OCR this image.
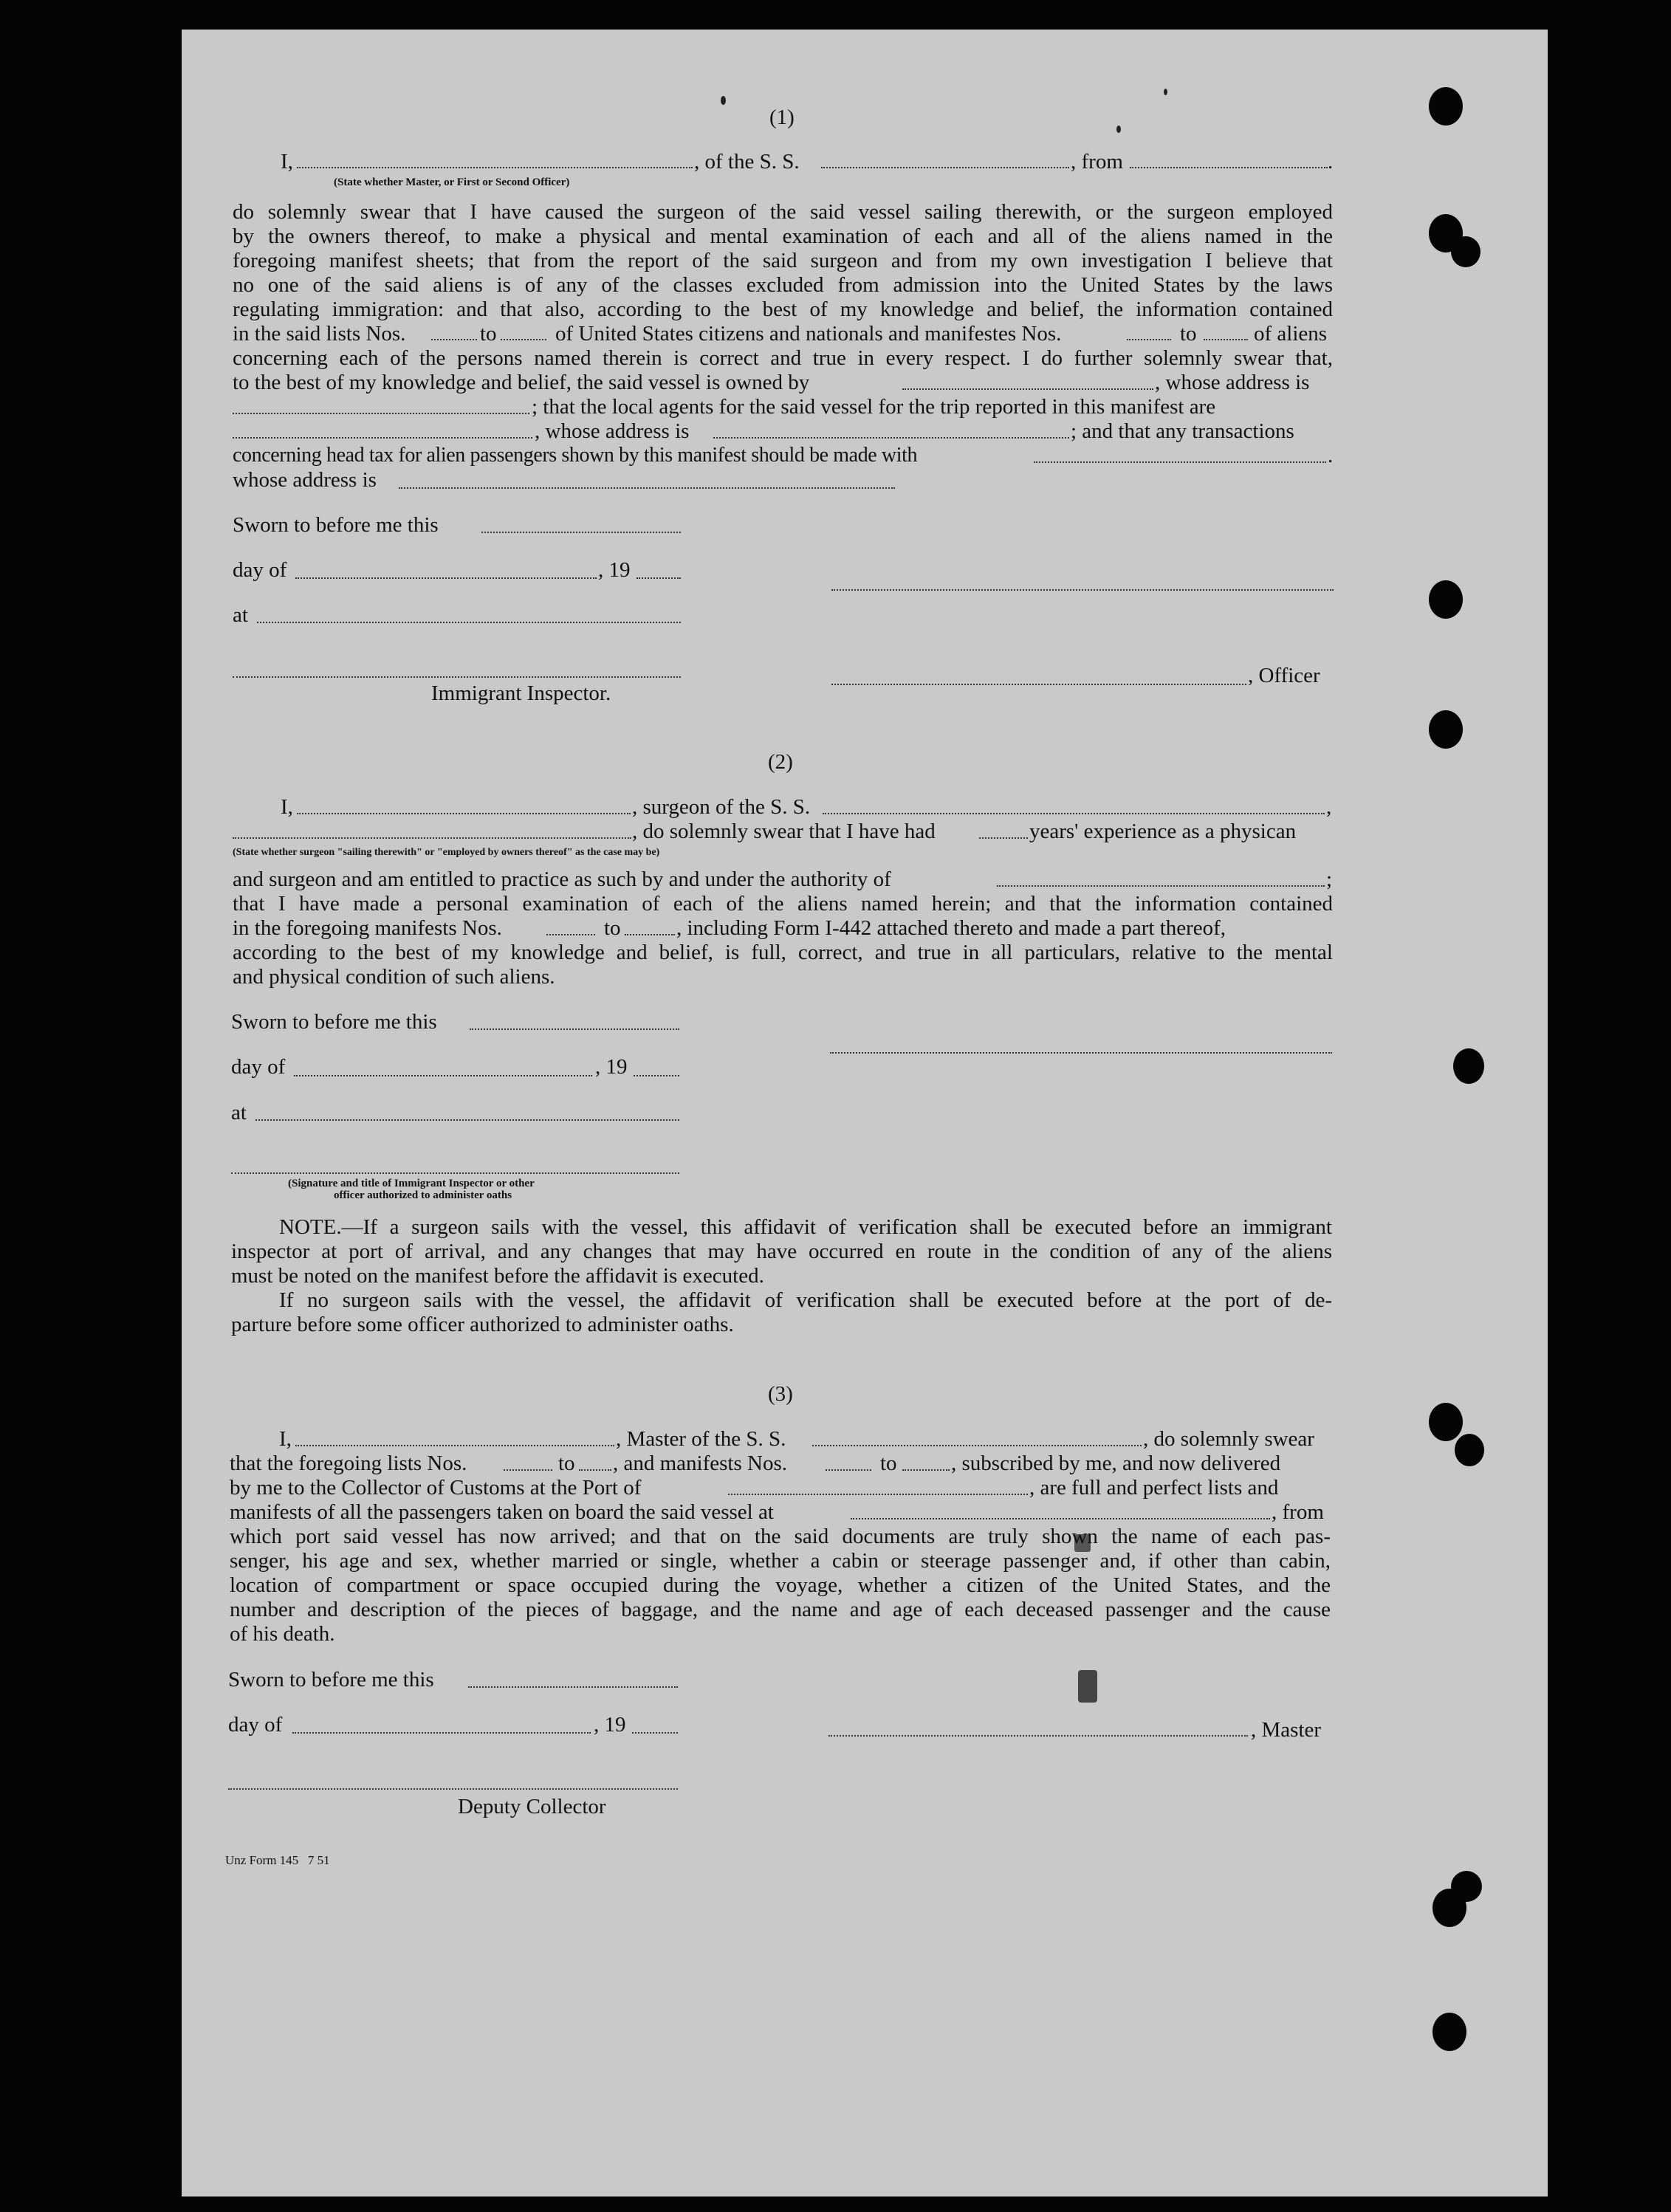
(1)
I,	, of the S. S.	, from	.
(State whether Master, or First or Second Officer)

do solemnly swear that I have caused the surgeon of the said vessel sailing therewith, or the surgeon employed

by the owners thereof, to make a physical and mental examination of each and all of the aliens named in the

foregoing manifest sheets; that from the report of the said surgeon and from my own investigation I believe that

no one of the said aliens is of any of the classes excluded from admission into the United States by the laws

regulating immigration: and that also, according to the best of my knowledge and belief, the information contained

in the said lists Nos.	to	of United States citizens and nationals and manifestes Nos.	to	of aliens

concerning each of the persons named therein is correct and true in every respect. I do further solemnly swear that,

to the best of my knowledge and belief, the said vessel is owned by	, whose address is
; that the local agents for the said vessel for the trip reported in this manifest are
, whose address is	; and that any transactions
concerning head tax for alien passengers shown by this manifest should be made with	.
whose address is
Sworn to before me this
day of	, 19
at
, Officer
Immigrant Inspector.
(2)
I,	, surgeon of the S. S.	,
, do solemnly swear that I have had	years' experience as a physican
(State whether surgeon "sailing therewith" or "employed by owners thereof" as the case may be)
and surgeon and am entitled to practice as such by and under the authority of	;

that I have made a personal examination of each of the aliens named herein; and that the information contained

in the foregoing manifests Nos.	to	, including Form I-442 attached thereto and made a part thereof,

according to the best of my knowledge and belief, is full, correct, and true in all particulars, relative to the mental

and physical condition of such aliens.
Sworn to before me this
day of	, 19
at
(Signature and title of Immigrant Inspector or other
officer authorized to administer oaths

NOTE.—If a surgeon sails with the vessel, this affidavit of verification shall be executed before an immigrant

inspector at port of arrival, and any changes that may have occurred en route in the condition of any of the aliens

must be noted on the manifest before the affidavit is executed.

If no surgeon sails with the vessel, the affidavit of verification shall be executed before at the port of de-

parture before some officer authorized to administer oaths.
(3)
I,	, Master of the S. S.	, do solemnly swear
that the foregoing lists Nos.	to , and manifests Nos.	to	, subscribed by me, and now delivered
by me to the Collector of Customs at the Port of	, are full and perfect lists and
manifests of all the passengers taken on board the said vessel at	, from

which port said vessel has now arrived; and that on the said documents are truly shown the name of each pas-

senger, his age and sex, whether married or single, whether a cabin or steerage passenger and, if other than cabin,

location of compartment or space occupied during the voyage, whether a citizen of the United States, and the

number and description of the pieces of baggage, and the name and age of each deceased passenger and the cause

of his death.
Sworn to before me this
day of	, 19	, Master
Deputy Collector
Unz Form 145   7 51
